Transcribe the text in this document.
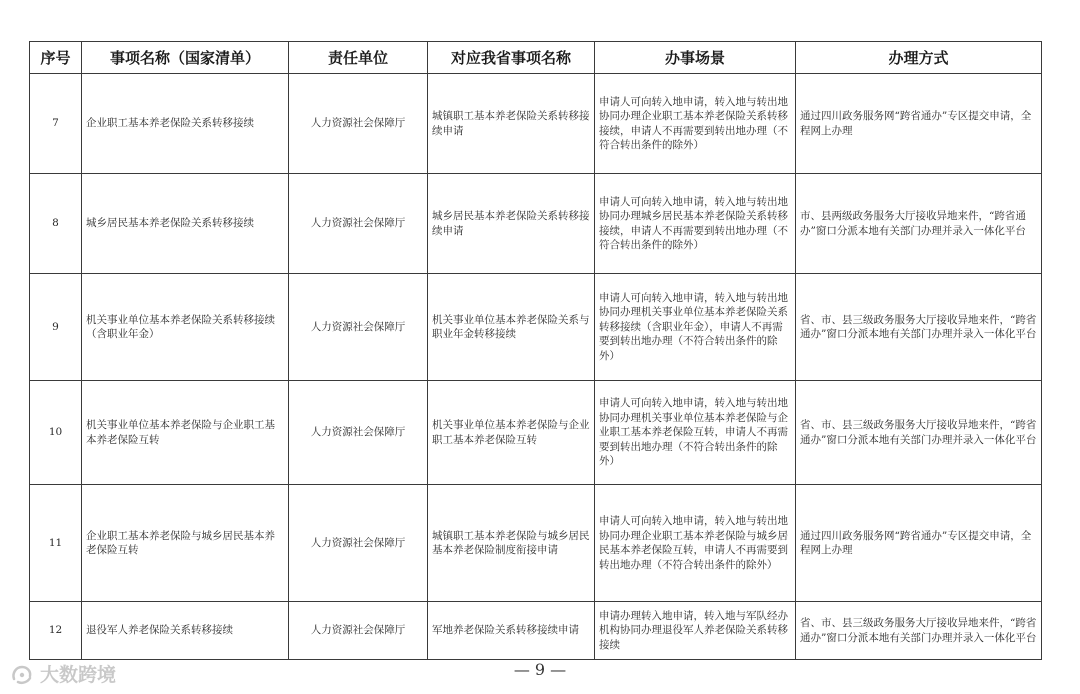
序号	事项名称（国家清单）	责任单位	对应我省事项名称	办事场景	办理方式
7	企业职工基本养老保险关系转移接续	人力资源社会保障厅	城镇职工基本养老保险关系转移接续申请	申请人可向转入地申请，转入地与转出地协同办理企业职工基本养老保险关系转移接续，申请人不再需要到转出地办理（不符合转出条件的除外）	通过四川政务服务网“跨省通办”专区提交申请，全程网上办理
8	城乡居民基本养老保险关系转移接续	人力资源社会保障厅	城乡居民基本养老保险关系转移接续申请	申请人可向转入地申请，转入地与转出地协同办理城乡居民基本养老保险关系转移接续，申请人不再需要到转出地办理（不符合转出条件的除外）	市、县两级政务服务大厅接收异地来件，“跨省通办”窗口分派本地有关部门办理并录入一体化平台
9	机关事业单位基本养老保险关系转移接续（含职业年金）	人力资源社会保障厅	机关事业单位基本养老保险关系与职业年金转移接续	申请人可向转入地申请，转入地与转出地协同办理机关事业单位基本养老保险关系转移接续（含职业年金），申请人不再需要到转出地办理（不符合转出条件的除外）	省、市、县三级政务服务大厅接收异地来件，“跨省通办”窗口分派本地有关部门办理并录入一体化平台
10	机关事业单位基本养老保险与企业职工基本养老保险互转	人力资源社会保障厅	机关事业单位基本养老保险与企业职工基本养老保险互转	申请人可向转入地申请，转入地与转出地协同办理机关事业单位基本养老保险与企业职工基本养老保险互转，申请人不再需要到转出地办理（不符合转出条件的除外）	省、市、县三级政务服务大厅接收异地来件，“跨省通办”窗口分派本地有关部门办理并录入一体化平台
11	企业职工基本养老保险与城乡居民基本养老保险互转	人力资源社会保障厅	城镇职工基本养老保险与城乡居民基本养老保险制度衔接申请	申请人可向转入地申请，转入地与转出地协同办理企业职工基本养老保险与城乡居民基本养老保险互转，申请人不再需要到转出地办理（不符合转出条件的除外）	通过四川政务服务网“跨省通办”专区提交申请，全程网上办理
12	退役军人养老保险关系转移接续	人力资源社会保障厅	军地养老保险关系转移接续申请	申请办理转入地申请，转入地与军队经办机构协同办理退役军人养老保险关系转移接续	省、市、县三级政务服务大厅接收异地来件，“跨省通办”窗口分派本地有关部门办理并录入一体化平台
— 9 —
大数跨境
